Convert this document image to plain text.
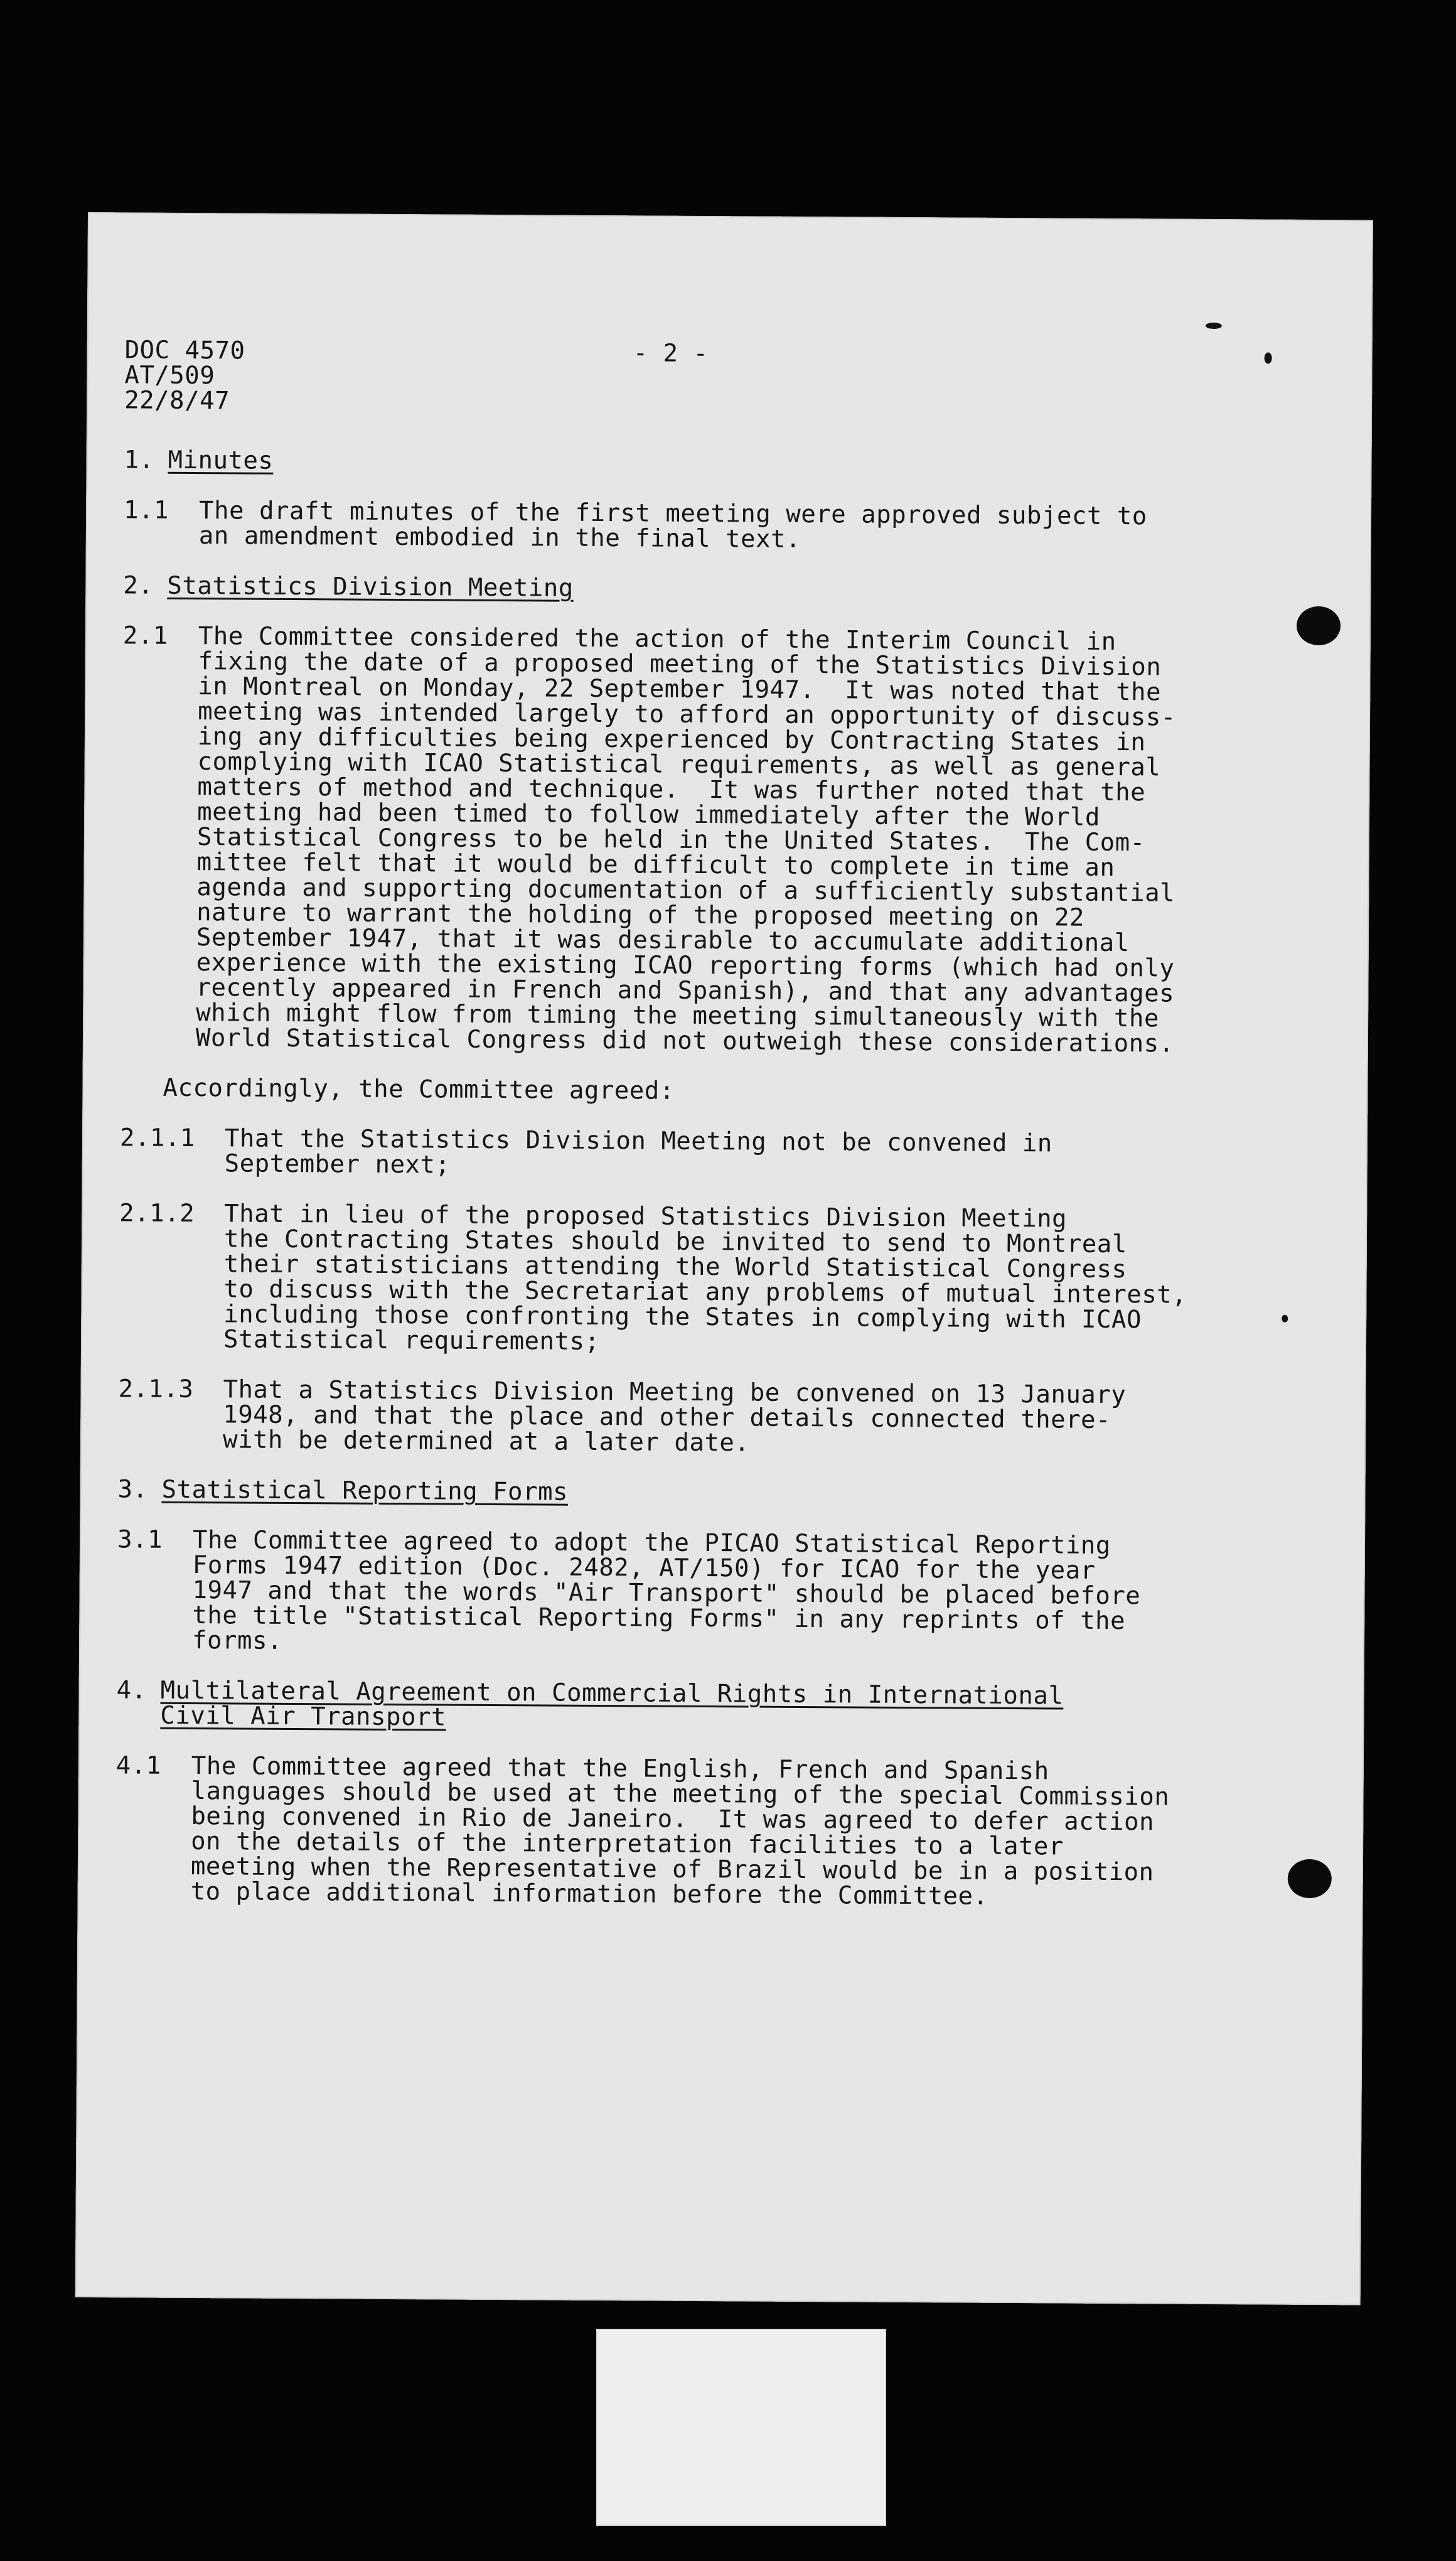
DOC 4570
AT/509
22/8/47
- 2 -
1. Minutes
1.1	The draft minutes of the first meeting were approved subject to
an amendment embodied in the final text.
2. Statistics Division Meeting
2.1	The Committee considered the action of the Interim Council in
fixing the date of a proposed meeting of the Statistics Division
in Montreal on Monday, 22 September 1947.  It was noted that the
meeting was intended largely to afford an opportunity of discuss-
ing any difficulties being experienced by Contracting States in
complying with ICAO Statistical requirements, as well as general
matters of method and technique.  It was further noted that the
meeting had been timed to follow immediately after the World
Statistical Congress to be held in the United States.  The Com-
mittee felt that it would be difficult to complete in time an
agenda and supporting documentation of a sufficiently substantial
nature to warrant the holding of the proposed meeting on 22
September 1947, that it was desirable to accumulate additional
experience with the existing ICAO reporting forms (which had only
recently appeared in French and Spanish), and that any advantages
which might flow from timing the meeting simultaneously with the
World Statistical Congress did not outweigh these considerations.
Accordingly, the Committee agreed:
2.1.1	That the Statistics Division Meeting not be convened in
September next;
2.1.2	That in lieu of the proposed Statistics Division Meeting
the Contracting States should be invited to send to Montreal
their statisticians attending the World Statistical Congress
to discuss with the Secretariat any problems of mutual interest,
including those confronting the States in complying with ICAO
Statistical requirements;
2.1.3	That a Statistics Division Meeting be convened on 13 January
1948, and that the place and other details connected there-
with be determined at a later date.
3. Statistical Reporting Forms
3.1	The Committee agreed to adopt the PICAO Statistical Reporting
Forms 1947 edition (Doc. 2482, AT/150) for ICAO for the year
1947 and that the words "Air Transport" should be placed before
the title "Statistical Reporting Forms" in any reprints of the
forms.
4. Multilateral Agreement on Commercial Rights in International
Civil Air Transport
4.1	The Committee agreed that the English, French and Spanish
languages should be used at the meeting of the special Commission
being convened in Rio de Janeiro.  It was agreed to defer action
on the details of the interpretation facilities to a later
meeting when the Representative of Brazil would be in a position
to place additional information before the Committee.
